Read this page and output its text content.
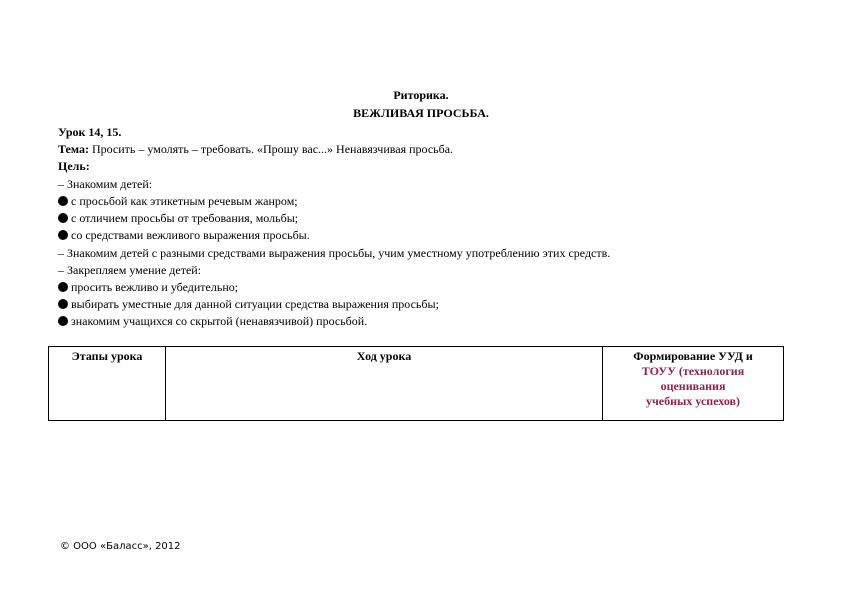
Риторика.
ВЕЖЛИВАЯ ПРОСЬБА.
Урок 14, 15.
Тема: Просить – умолять – требовать. «Прошу вас...» Ненавязчивая просьба.
Цель:
– Знакомим детей:
с просьбой как этикетным речевым жанром;
с отличием просьбы от требования, мольбы;
со средствами вежливого выражения просьбы.
– Знакомим детей с разными средствами выражения просьбы, учим уместному употреблению этих средств.
– Закрепляем умение детей:
просить вежливо и убедительно;
выбирать уместные для данной ситуации средства выражения просьбы;
знакомим учащихся со скрытой (ненавязчивой) просьбой.
Этапы урока	Ход урока	Формирование УУД и
ТОУУ (технология
оценивания
учебных успехов)
© ООО «Баласс», 2012
